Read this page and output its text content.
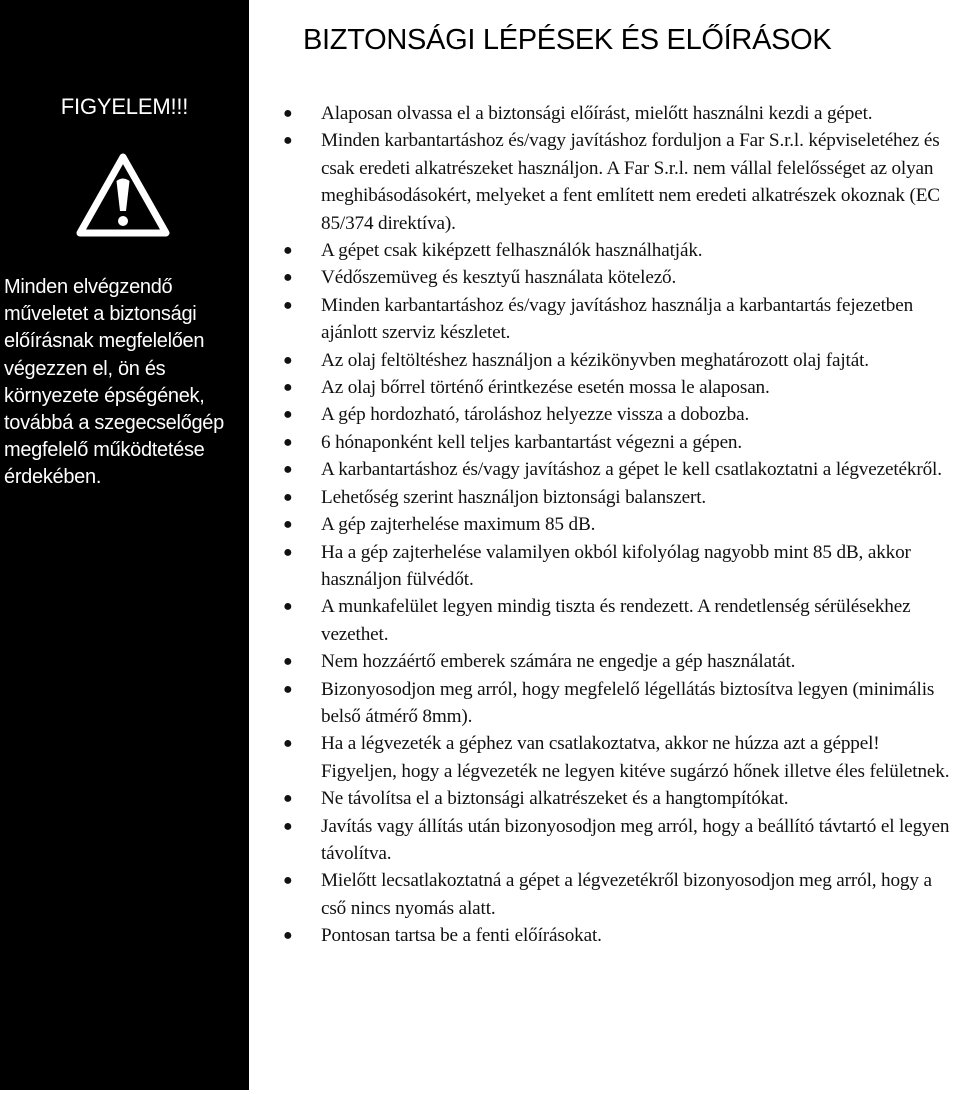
FIGYELEM!!!
Minden elvégzendő
műveletet a biztonsági
előírásnak megfelelően
végezzen el, ön és
környezete épségének,
továbbá a szegecselőgép
megfelelő működtetése
érdekében.
BIZTONSÁGI LÉPÉSEK ÉS ELŐÍRÁSOK
● Alaposan olvassa el a biztonsági előírást, mielőtt használni kezdi a gépet.
● Minden karbantartáshoz és/vagy javításhoz forduljon a Far S.r.l. képviseletéhez és csak eredeti alkatrészeket használjon. A Far S.r.l. nem vállal felelősséget az olyan meghibásodásokért, melyeket a fent említett nem eredeti alkatrészek okoznak (EC 85/374 direktíva).
● A gépet csak kiképzett felhasználók használhatják.
● Védőszemüveg és kesztyű használata kötelező.
● Minden karbantartáshoz és/vagy javításhoz használja a karbantartás fejezetben ajánlott szerviz készletet.
● Az olaj feltöltéshez használjon a kézikönyvben meghatározott olaj fajtát.
● Az olaj bőrrel történő érintkezése esetén mossa le alaposan.
● A gép hordozható, tároláshoz helyezze vissza a dobozba.
● 6 hónaponként kell teljes karbantartást végezni a gépen.
● A karbantartáshoz és/vagy javításhoz a gépet le kell csatlakoztatni a légvezetékről.
● Lehetőség szerint használjon biztonsági balanszert.
● A gép zajterhelése maximum 85 dB.
● Ha a gép zajterhelése valamilyen okból kifolyólag nagyobb mint 85 dB, akkor használjon fülvédőt.
● A munkafelület legyen mindig tiszta és rendezett. A rendetlenség sérülésekhez vezethet.
● Nem hozzáértő emberek számára ne engedje a gép használatát.
● Bizonyosodjon meg arról, hogy megfelelő légellátás biztosítva legyen (minimális belső átmérő 8mm).
● Ha a légvezeték a géphez van csatlakoztatva, akkor ne húzza azt a géppel! Figyeljen, hogy a légvezeték ne legyen kitéve sugárzó hőnek illetve éles felületnek.
● Ne távolítsa el a biztonsági alkatrészeket és a hangtompítókat.
● Javítás vagy állítás után bizonyosodjon meg arról, hogy a beállító távtartó el legyen távolítva.
● Mielőtt lecsatlakoztatná a gépet a légvezetékről bizonyosodjon meg arról, hogy a cső nincs nyomás alatt.
● Pontosan tartsa be a fenti előírásokat.
